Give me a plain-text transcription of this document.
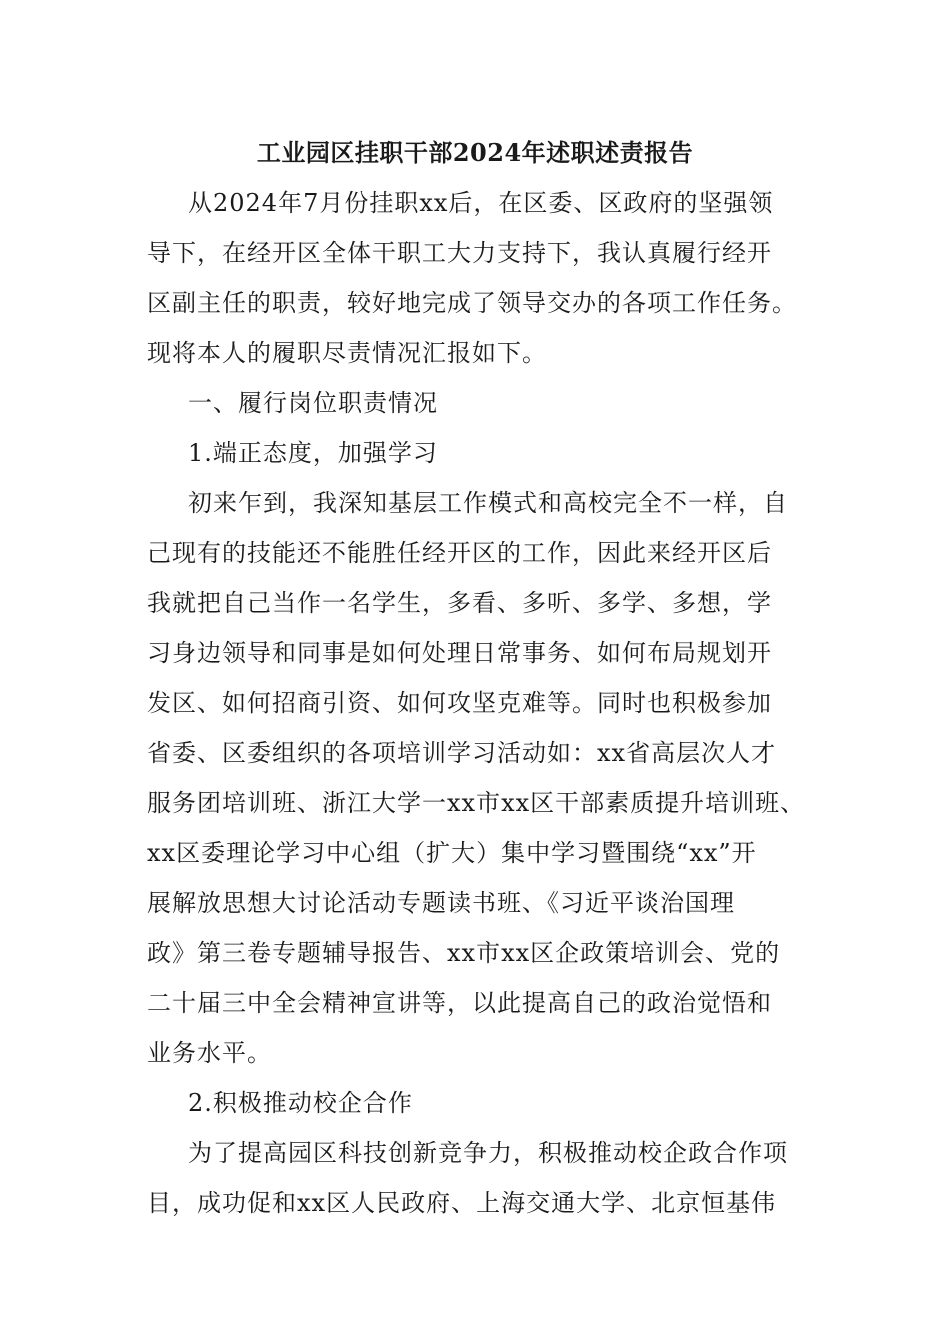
工业园区挂职干部2024年述职述责报告
从2024年7月份挂职xx后，在区委、区政府的坚强领
导下，在经开区全体干职工大力支持下，我认真履行经开
区副主任的职责，较好地完成了领导交办的各项工作任务。
现将本人的履职尽责情况汇报如下。
一、履行岗位职责情况
1.端正态度，加强学习
初来乍到，我深知基层工作模式和高校完全不一样，自
己现有的技能还不能胜任经开区的工作，因此来经开区后
我就把自己当作一名学生，多看、多听、多学、多想，学
习身边领导和同事是如何处理日常事务、如何布局规划开
发区、如何招商引资、如何攻坚克难等。同时也积极参加
省委、区委组织的各项培训学习活动如：xx省高层次人才
服务团培训班、浙江大学一xx市xx区干部素质提升培训班、
xx区委理论学习中心组（扩大）集中学习暨围绕“xx”开
展解放思想大讨论活动专题读书班、《习近平谈治国理
政》第三卷专题辅导报告、xx市xx区企政策培训会、党的
二十届三中全会精神宣讲等，以此提高自己的政治觉悟和
业务水平。
2.积极推动校企合作
为了提高园区科技创新竞争力，积极推动校企政合作项
目，成功促和xx区人民政府、上海交通大学、北京恒基伟
